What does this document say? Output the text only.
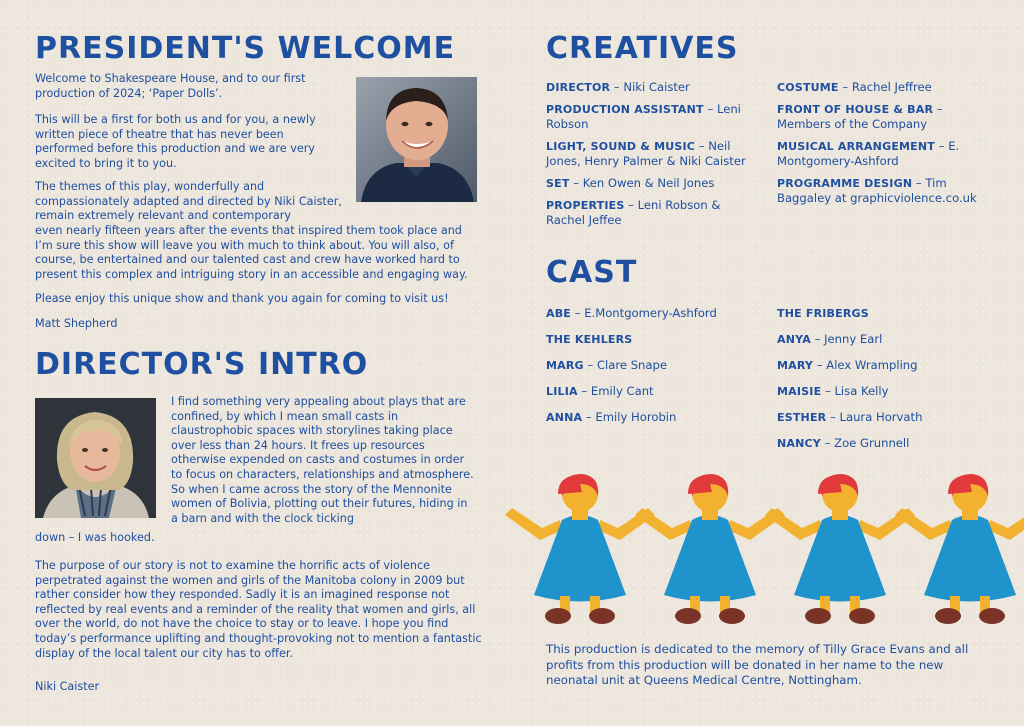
PRESIDENT'S WELCOME

Welcome to Shakespeare House, and to our first production of 2024; ‘Paper Dolls’.

This will be a first for both us and for you, a newly written piece of theatre that has never been performed before this production and we are very excited to bring it to you.

The themes of this play, wonderfully and compassionately adapted and directed by Niki Caister, remain extremely relevant and contemporary

even nearly fifteen years after the events that inspired them took place and I’m sure this show will leave you with much to think about. You will also, of course, be entertained and our talented cast and crew have worked hard to present this complex and intriguing story in an accessible and engaging way.

Please enjoy this unique show and thank you again for coming to visit us!

Matt Shepherd

DIRECTOR'S INTRO

I find something very appealing about plays that are confined, by which I mean small casts in claustrophobic spaces with storylines taking place over less than 24 hours. It frees up resources otherwise expended on casts and costumes in order to focus on characters, relationships and atmosphere. So when I came across the story of the Mennonite women of Bolivia, plotting out their futures, hiding in a barn and with the clock ticking

down – I was hooked.

The purpose of our story is not to examine the horrific acts of violence perpetrated against the women and girls of the Manitoba colony in 2009 but rather consider how they responded. Sadly it is an imagined response not reflected by real events and a reminder of the reality that women and girls, all over the world, do not have the choice to stay or to leave. I hope you find today’s performance uplifting and thought-provoking not to mention a fantastic display of the local talent our city has to offer.

Niki Caister

CREATIVES

DIRECTOR – Niki Caister

PRODUCTION ASSISTANT – Leni Robson

LIGHT, SOUND & MUSIC – Neil Jones, Henry Palmer & Niki Caister

SET – Ken Owen & Neil Jones

PROPERTIES – Leni Robson & Rachel Jeffee

COSTUME – Rachel Jeffree

FRONT OF HOUSE & BAR – Members of the Company

MUSICAL ARRANGEMENT – E. Montgomery-Ashford

PROGRAMME DESIGN – Tim Baggaley at graphicviolence.co.uk

CAST

ABE – E.Montgomery-Ashford

THE KEHLERS

MARG – Clare Snape

LILIA – Emily Cant

ANNA – Emily Horobin

THE FRIBERGS

ANYA – Jenny Earl

MARY – Alex Wrampling

MAISIE – Lisa Kelly

ESTHER – Laura Horvath

NANCY – Zoe Grunnell

This production is dedicated to the memory of Tilly Grace Evans and all profits from this production will be donated in her name to the new neonatal unit at Queens Medical Centre, Nottingham.
